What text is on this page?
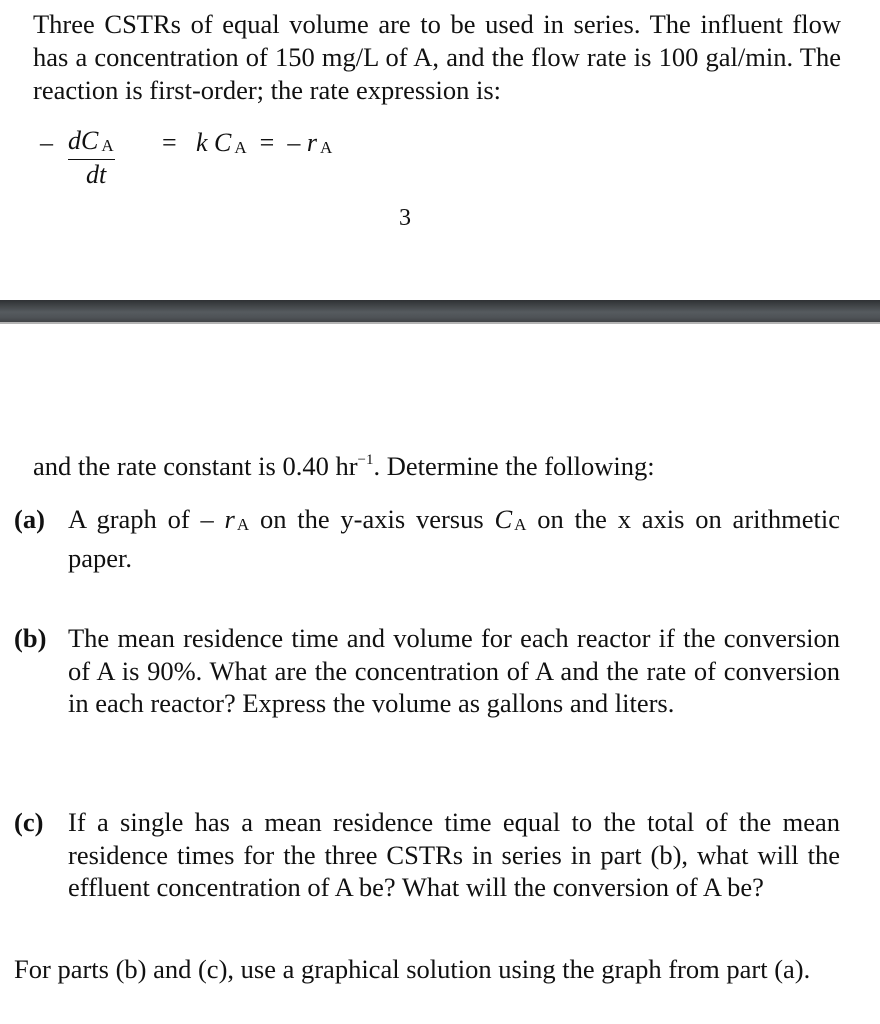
Three CSTRs of equal volume are to be used in series. The influent flow has a concentration of 150 mg/L of A, and the flow rate is 100 gal/min. The reaction is first-order; the rate expression is:
– dC A
dt
= k C A = – r A
3
and the rate constant is 0.40 $hr^{-1}$. Determine the following:
(a) A graph of – r A on the y-axis versus C A on the x axis on arithmetic paper.
(b) The mean residence time and volume for each reactor if the conversion of A is 90%. What are the concentration of A and the rate of conversion in each reactor? Express the volume as gallons and liters.
(c) If a single has a mean residence time equal to the total of the mean residence times for the three CSTRs in series in part (b), what will the effluent concentration of A be? What will the conversion of A be?
For parts (b) and (c), use a graphical solution using the graph from part (a).
